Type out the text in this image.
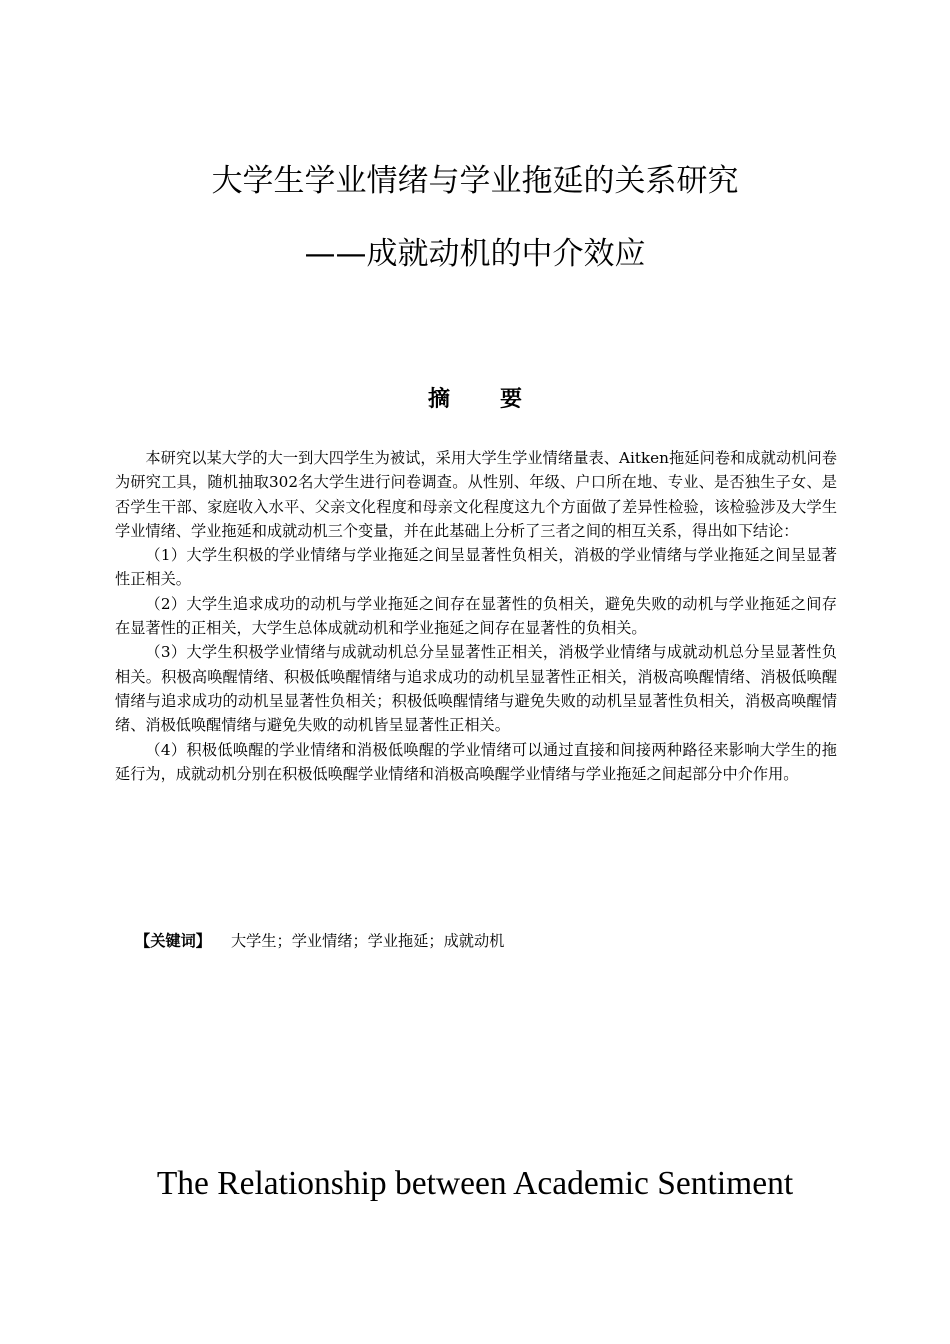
大学生学业情绪与学业拖延的关系研究
——成就动机的中介效应
摘 要

本研究以某大学的大一到大四学生为被试，采用大学生学业情绪量表、Aitken拖延问卷和成就动机问卷为研究工具，随机抽取302名大学生进行问卷调查。从性别、年级、户口所在地、专业、是否独生子女、是否学生干部、家庭收入水平、父亲文化程度和母亲文化程度这九个方面做了差异性检验，该检验涉及大学生学业情绪、学业拖延和成就动机三个变量，并在此基础上分析了三者之间的相互关系，得出如下结论：

（1）大学生积极的学业情绪与学业拖延之间呈显著性负相关，消极的学业情绪与学业拖延之间呈显著性正相关。

（2）大学生追求成功的动机与学业拖延之间存在显著性的负相关，避免失败的动机与学业拖延之间存在显著性的正相关，大学生总体成就动机和学业拖延之间存在显著性的负相关。

（3）大学生积极学业情绪与成就动机总分呈显著性正相关，消极学业情绪与成就动机总分呈显著性负相关。积极高唤醒情绪、积极低唤醒情绪与追求成功的动机呈显著性正相关，消极高唤醒情绪、消极低唤醒情绪与追求成功的动机呈显著性负相关；积极低唤醒情绪与避免失败的动机呈显著性负相关，消极高唤醒情绪、消极低唤醒情绪与避免失败的动机皆呈显著性正相关。

（4）积极低唤醒的学业情绪和消极低唤醒的学业情绪可以通过直接和间接两种路径来影响大学生的拖延行为，成就动机分别在积极低唤醒学业情绪和消极高唤醒学业情绪与学业拖延之间起部分中介作用。

【关键词】 大学生；学业情绪；学业拖延；成就动机
The Relationship between Academic Sentiment
